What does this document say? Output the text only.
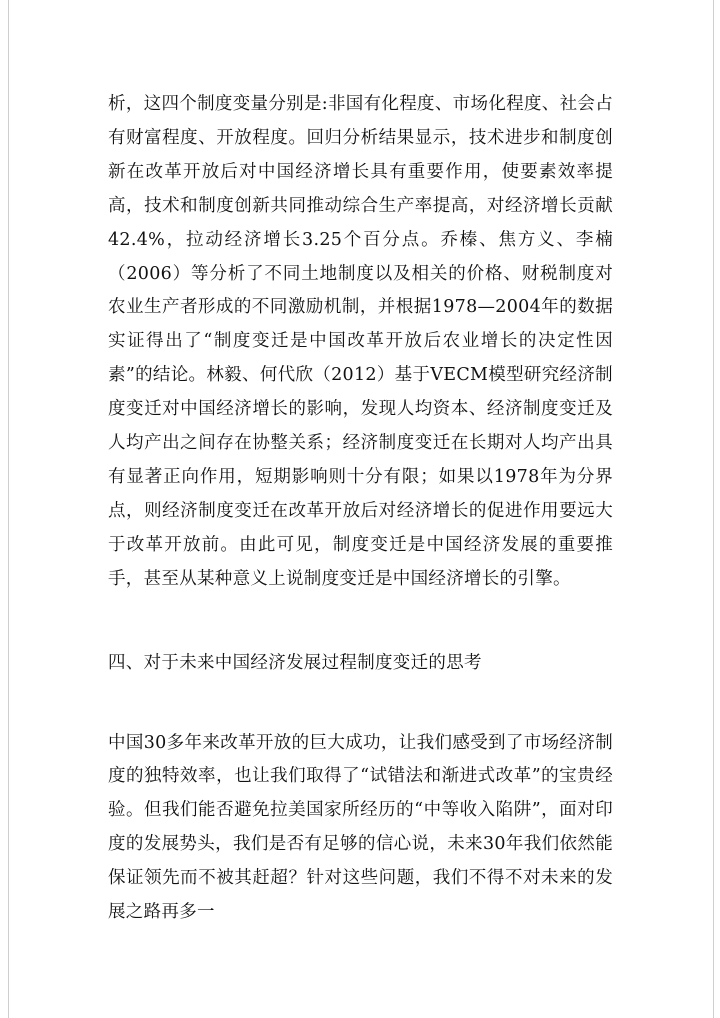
析，这四个制度变量分别是:非国有化程度、市场化程度、社会占有财富程度、开放程度。回归分析结果显示，技术进步和制度创新在改革开放后对中国经济增长具有重要作用，使要素效率提高，技术和制度创新共同推动综合生产率提高，对经济增长贡献42.4%，拉动经济增长3.25个百分点。乔榛、焦方义、李楠（2006）等分析了不同土地制度以及相关的价格、财税制度对农业生产者形成的不同激励机制，并根据1978—2004年的数据实证得出了“制度变迁是中国改革开放后农业增长的决定性因素”的结论。林毅、何代欣（2012）基于VECM模型研究经济制度变迁对中国经济增长的影响，发现人均资本、经济制度变迁及人均产出之间存在协整关系；经济制度变迁在长期对人均产出具有显著正向作用，短期影响则十分有限；如果以1978年为分界点，则经济制度变迁在改革开放后对经济增长的促进作用要远大于改革开放前。由此可见，制度变迁是中国经济发展的重要推手，甚至从某种意义上说制度变迁是中国经济增长的引擎。

四、对于未来中国经济发展过程制度变迁的思考

中国30多年来改革开放的巨大成功，让我们感受到了市场经济制度的独特效率，也让我们取得了“试错法和渐进式改革”的宝贵经验。但我们能否避免拉美国家所经历的“中等收入陷阱”，面对印度的发展势头，我们是否有足够的信心说，未来30年我们依然能保证领先而不被其赶超？针对这些问题，我们不得不对未来的发展之路再多一
